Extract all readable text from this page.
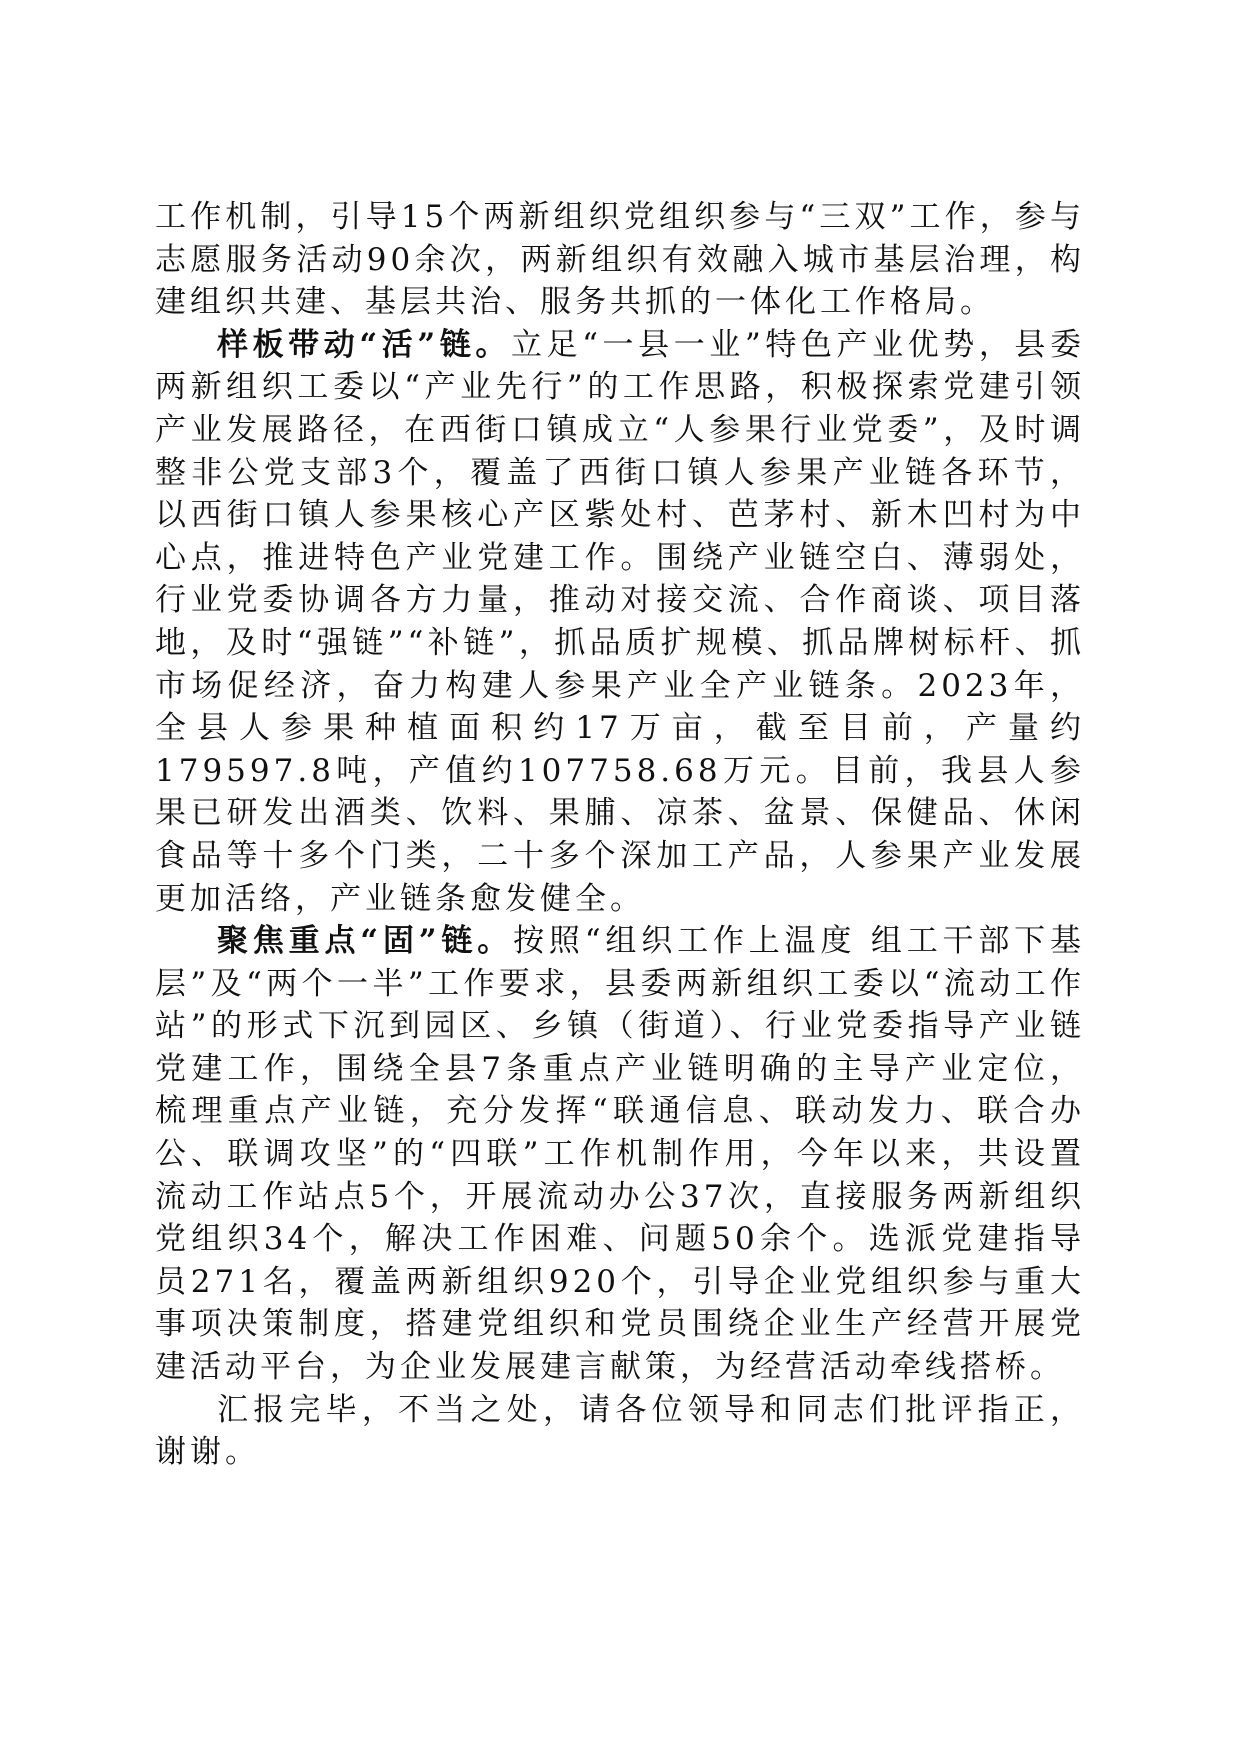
工作机制，引导15个两新组织党组织参与“三双”工作，参与志愿服务活动90余次，两新组织有效融入城市基层治理，构建组织共建、基层共治、服务共抓的一体化工作格局。

样板带动“活”链。立足“一县一业”特色产业优势，县委两新组织工委以“产业先行”的工作思路，积极探索党建引领产业发展路径，在西街口镇成立“人参果行业党委”，及时调整非公党支部3个，覆盖了西街口镇人参果产业链各环节，以西街口镇人参果核心产区紫处村、芭茅村、新木凹村为中心点，推进特色产业党建工作。围绕产业链空白、薄弱处，行业党委协调各方力量，推动对接交流、合作商谈、项目落地，及时“强链”“补链”，抓品质扩规模、抓品牌树标杆、抓市场促经济，奋力构建人参果产业全产业链条。2023年，全县人参果种植面积约17万亩，截至目前，产量约179597.8吨，产值约107758.68万元。目前，我县人参果已研发出酒类、饮料、果脯、凉茶、盆景、保健品、休闲食品等十多个门类，二十多个深加工产品，人参果产业发展更加活络，产业链条愈发健全。

聚焦重点“固”链。按照“组织工作上温度 组工干部下基层”及“两个一半”工作要求，县委两新组织工委以“流动工作站”的形式下沉到园区、乡镇（街道）、行业党委指导产业链党建工作，围绕全县7条重点产业链明确的主导产业定位，梳理重点产业链，充分发挥“联通信息、联动发力、联合办公、联调攻坚”的“四联”工作机制作用，今年以来，共设置流动工作站点5个，开展流动办公37次，直接服务两新组织党组织34个，解决工作困难、问题50余个。选派党建指导员271名，覆盖两新组织920个，引导企业党组织参与重大事项决策制度，搭建党组织和党员围绕企业生产经营开展党建活动平台，为企业发展建言献策，为经营活动牵线搭桥。

汇报完毕，不当之处，请各位领导和同志们批评指正，谢谢。
